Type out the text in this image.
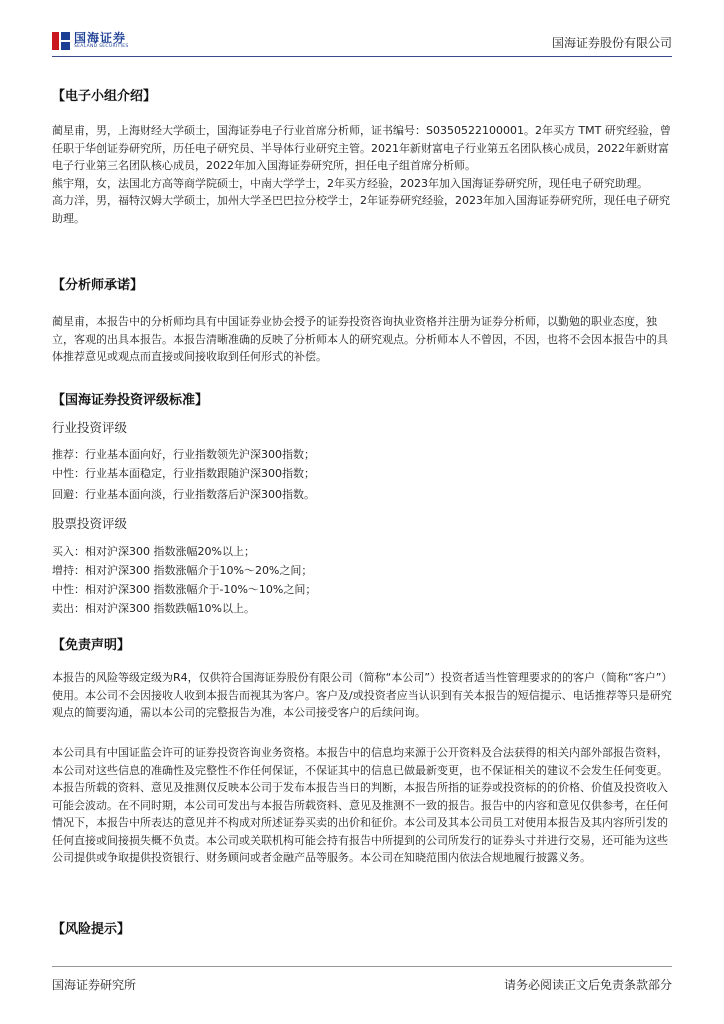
国海证券
SEALAND SECURITIES	国海证券股份有限公司
【电子小组介绍】

蔺星甫，男，上海财经大学硕士，国海证券电子行业首席分析师，证书编号：S0350522100001。2年买方 TMT 研究经验，曾任职于华创证券研究所，历任电子研究员、半导体行业研究主管。2021年新财富电子行业第五名团队核心成员，2022年新财富电子行业第三名团队核心成员，2022年加入国海证券研究所，担任电子组首席分析师。

熊宇翔，女，法国北方高等商学院硕士，中南大学学士，2年买方经验，2023年加入国海证券研究所，现任电子研究助理。

高力洋，男，福特汉姆大学硕士，加州大学圣巴巴拉分校学士，2年证券研究经验，2023年加入国海证券研究所，现任电子研究助理。

【分析师承诺】

蔺星甫，本报告中的分析师均具有中国证券业协会授予的证券投资咨询执业资格并注册为证券分析师，以勤勉的职业态度，独立，客观的出具本报告。本报告清晰准确的反映了分析师本人的研究观点。分析师本人不曾因，不因，也将不会因本报告中的具体推荐意见或观点而直接或间接收取到任何形式的补偿。

【国海证券投资评级标准】
行业投资评级
推荐：行业基本面向好，行业指数领先沪深300指数；
中性：行业基本面稳定，行业指数跟随沪深300指数；
回避：行业基本面向淡，行业指数落后沪深300指数。
股票投资评级
买入：相对沪深300 指数涨幅20%以上；
增持：相对沪深300 指数涨幅介于10%～20%之间；
中性：相对沪深300 指数涨幅介于-10%～10%之间；
卖出：相对沪深300 指数跌幅10%以上。
【免责声明】

本报告的风险等级定级为R4，仅供符合国海证券股份有限公司（简称“本公司”）投资者适当性管理要求的的客户（简称“客户”）使用。本公司不会因接收人收到本报告而视其为客户。客户及/或投资者应当认识到有关本报告的短信提示、电话推荐等只是研究观点的简要沟通，需以本公司的完整报告为准，本公司接受客户的后续问询。

本公司具有中国证监会许可的证券投资咨询业务资格。本报告中的信息均来源于公开资料及合法获得的相关内部外部报告资料，本公司对这些信息的准确性及完整性不作任何保证，不保证其中的信息已做最新变更，也不保证相关的建议不会发生任何变更。本报告所载的资料、意见及推测仅反映本公司于发布本报告当日的判断，本报告所指的证券或投资标的的价格、价值及投资收入可能会波动。在不同时期，本公司可发出与本报告所载资料、意见及推测不一致的报告。报告中的内容和意见仅供参考，在任何情况下，本报告中所表达的意见并不构成对所述证券买卖的出价和征价。本公司及其本公司员工对使用本报告及其内容所引发的任何直接或间接损失概不负责。本公司或关联机构可能会持有报告中所提到的公司所发行的证券头寸并进行交易，还可能为这些公司提供或争取提供投资银行、财务顾问或者金融产品等服务。本公司在知晓范围内依法合规地履行披露义务。

【风险提示】
国海证券研究所	请务必阅读正文后免责条款部分
